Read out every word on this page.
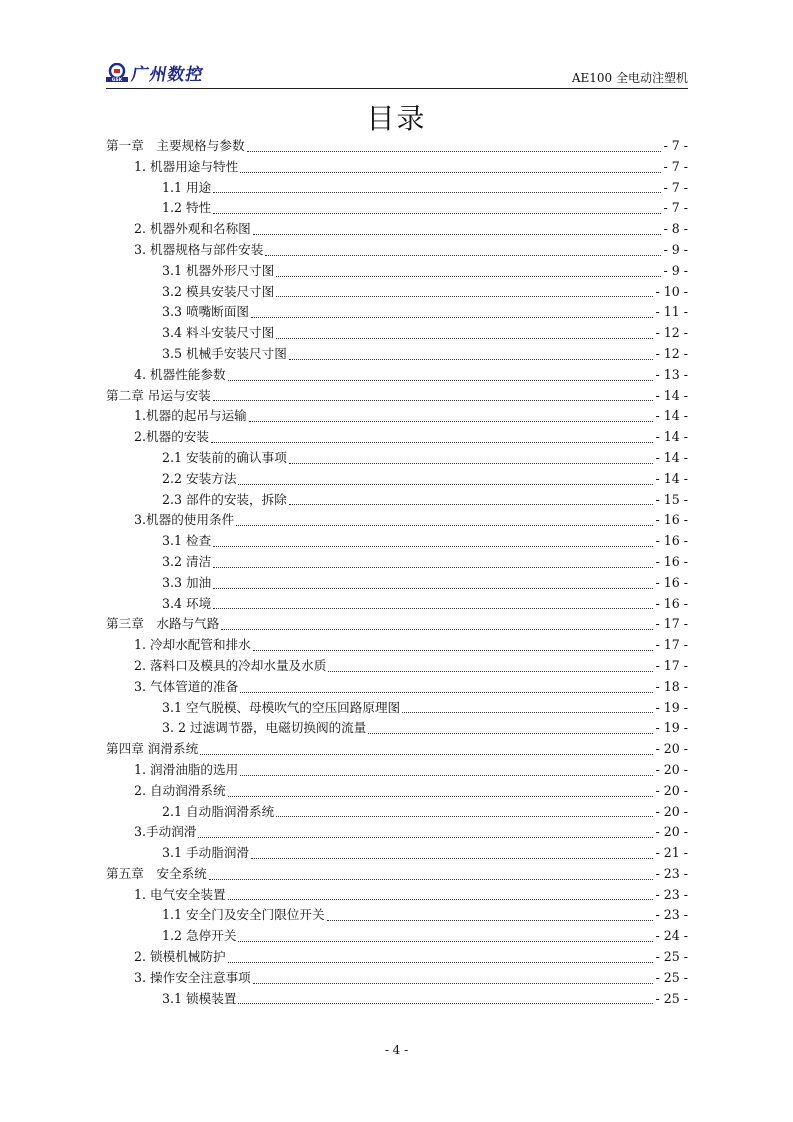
GSK 广州数控	AE100 全电动注塑机
目录
第一章　主要规格与参数	- 7 -
1. 机器用途与特性	- 7 -
1.1 用途	- 7 -
1.2 特性	- 7 -
2. 机器外观和名称图	- 8 -
3. 机器规格与部件安装	- 9 -
3.1 机器外形尺寸图	- 9 -
3.2 模具安装尺寸图	- 10 -
3.3 喷嘴断面图	- 11 -
3.4 料斗安装尺寸图	- 12 -
3.5 机械手安装尺寸图	- 12 -
4. 机器性能参数	- 13 -
第二章 吊运与安装	- 14 -
1.机器的起吊与运输	- 14 -
2.机器的安装	- 14 -
2.1 安装前的确认事项	- 14 -
2.2 安装方法	- 14 -
2.3 部件的安装，拆除	- 15 -
3.机器的使用条件	- 16 -
3.1 检查	- 16 -
3.2 清洁	- 16 -
3.3 加油	- 16 -
3.4 环境	- 16 -
第三章　水路与气路	- 17 -
1. 冷却水配管和排水	- 17 -
2. 落料口及模具的冷却水量及水质	- 17 -
3. 气体管道的准备	- 18 -
3.1 空气脱模、母模吹气的空压回路原理图	- 19 -
3. 2 过滤调节器，电磁切换阀的流量	- 19 -
第四章 润滑系统	- 20 -
1. 润滑油脂的选用	- 20 -
2. 自动润滑系统	- 20 -
2.1 自动脂润滑系统	- 20 -
3.手动润滑	- 20 -
3.1 手动脂润滑	- 21 -
第五章　安全系统	- 23 -
1. 电气安全装置	- 23 -
1.1 安全门及安全门限位开关	- 23 -
1.2 急停开关	- 24 -
2. 锁模机械防护	- 25 -
3. 操作安全注意事项	- 25 -
3.1 锁模装置	- 25 -
- 4 -
